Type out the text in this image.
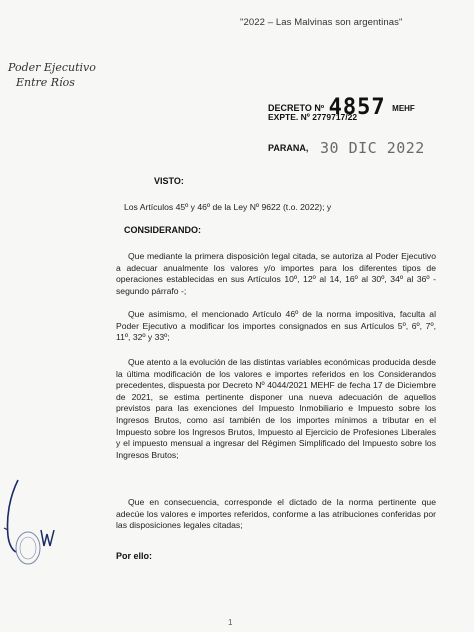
"2022 – Las Malvinas son argentinas"
Poder Ejecutivo
Entre Ríos
DECRETO Nº 4857 MEHF
EXPTE. Nº 2779717/22
PARANA, 30 DIC 2022
VISTO:
Los Artículos 45º y 46º de la Ley Nº 9622 (t.o. 2022); y
CONSIDERANDO:
Que mediante la primera disposición legal citada, se autoriza al Poder Ejecutivo a adecuar anualmente los valores y/o importes para los diferentes tipos de operaciones establecidas en sus Artículos 10º, 12º al 14, 16º al 30º, 34º al 36º - segundo párrafo -;
Que asimismo, el mencionado Artículo 46º de la norma impositiva, faculta al Poder Ejecutivo a modificar los importes consignados en sus Artículos 5º, 6º, 7º, 11º, 32º y 33º;
Que atento a la evolución de las distintas variables económicas producida desde la última modificación de los valores e importes referidos en los Considerandos precedentes, dispuesta por Decreto Nº 4044/2021 MEHF de fecha 17 de Diciembre de 2021, se estima pertinente disponer una nueva adecuación de aquellos previstos para las exenciones del Impuesto Inmobiliario e Impuesto sobre los Ingresos Brutos, como así también de los importes mínimos a tributar en el Impuesto sobre los Ingresos Brutos, Impuesto al Ejercicio de Profesiones Liberales y el impuesto mensual a ingresar del Régimen Simplificado del Impuesto sobre los Ingresos Brutos;
Que en consecuencia, corresponde el dictado de la norma pertinente que adecúe los valores e importes referidos, conforme a las atribuciones conferidas por las disposiciones legales citadas;
Por ello:
1
